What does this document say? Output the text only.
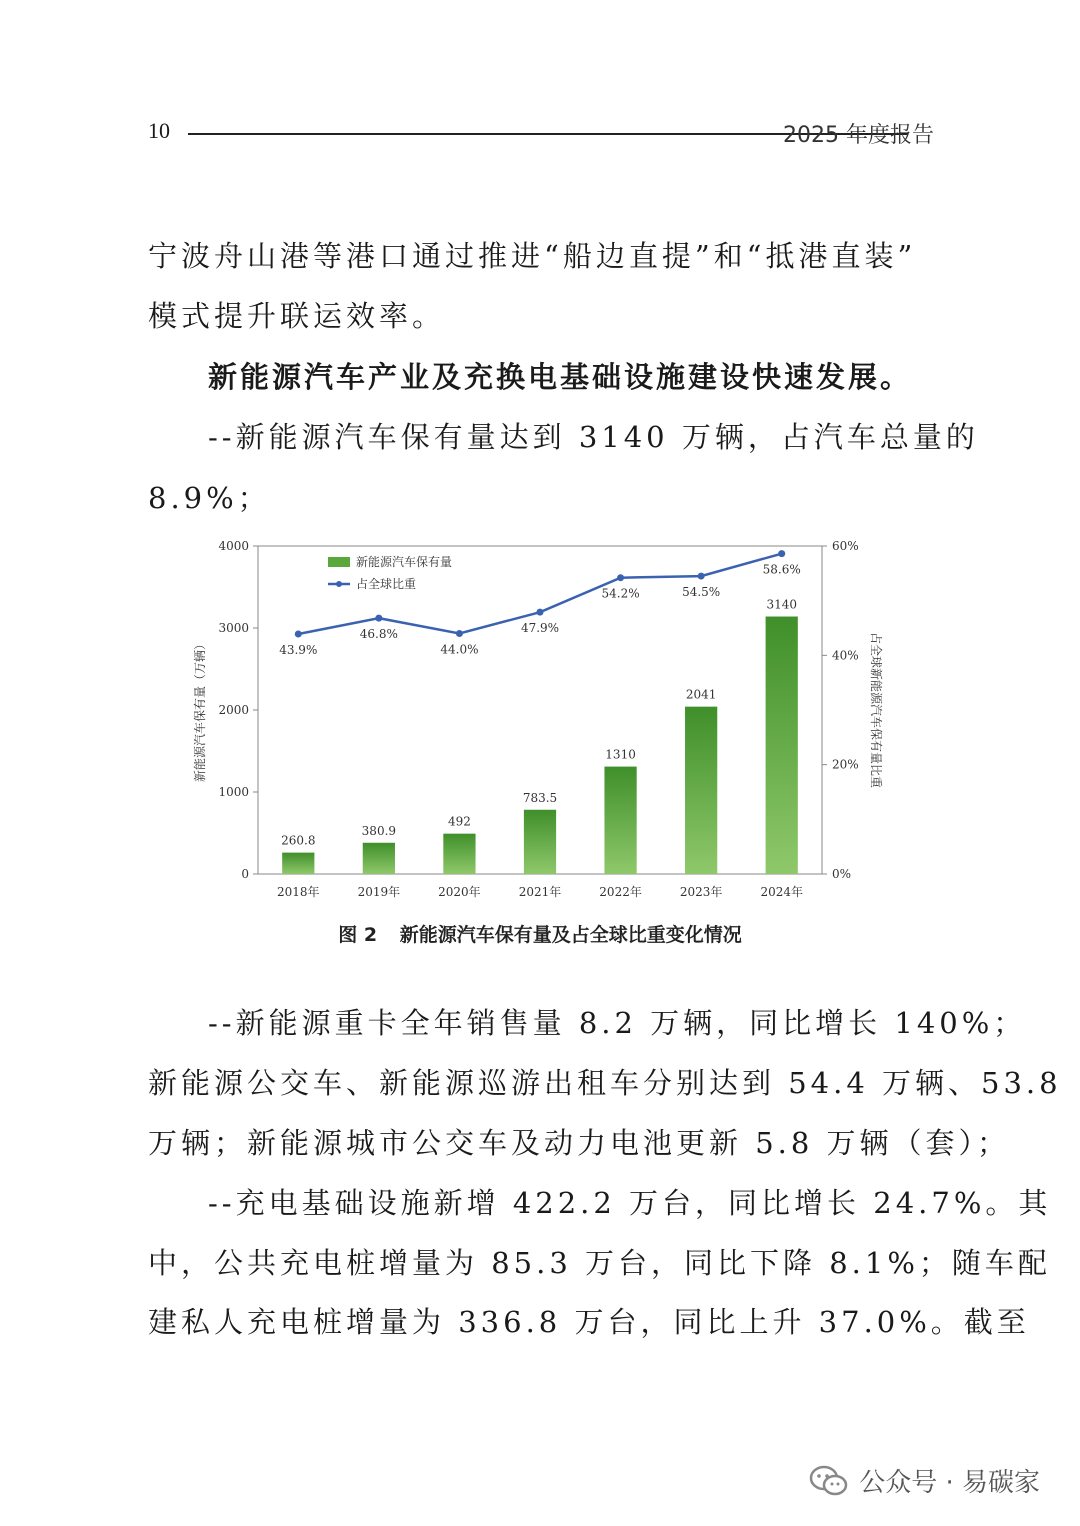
10	2025 年度报告
宁波舟山港等港口通过推进“船边直提”和“抵港直装”
模式提升联运效率。
新能源汽车产业及充换电基础设施建设快速发展。
--新能源汽车保有量达到 3140 万辆，占汽车总量的
8.9%；
0
1000
2000
3000
4000
0%
20%
40%
60%
2018年
260.8
2019年
380.9
2020年
492
2021年
783.5
2022年
1310
2023年
2041
2024年
3140
43.9%
46.8%
44.0%
47.9%
54.2%	54.5%
58.6%
新能源汽车保有量（万辆）	占全球新能源汽车保有量比重
新能源汽车保有量
占全球比重
图 2 新能源汽车保有量及占全球比重变化情况
--新能源重卡全年销售量 8.2 万辆，同比增长 140%；
新能源公交车、新能源巡游出租车分别达到 54.4 万辆、53.8
万辆；新能源城市公交车及动力电池更新 5.8 万辆（套）；
--充电基础设施新增 422.2 万台，同比增长 24.7%。其
中，公共充电桩增量为 85.3 万台，同比下降 8.1%；随车配
建私人充电桩增量为 336.8 万台，同比上升 37.0%。截至
公众号 · 易碳家
